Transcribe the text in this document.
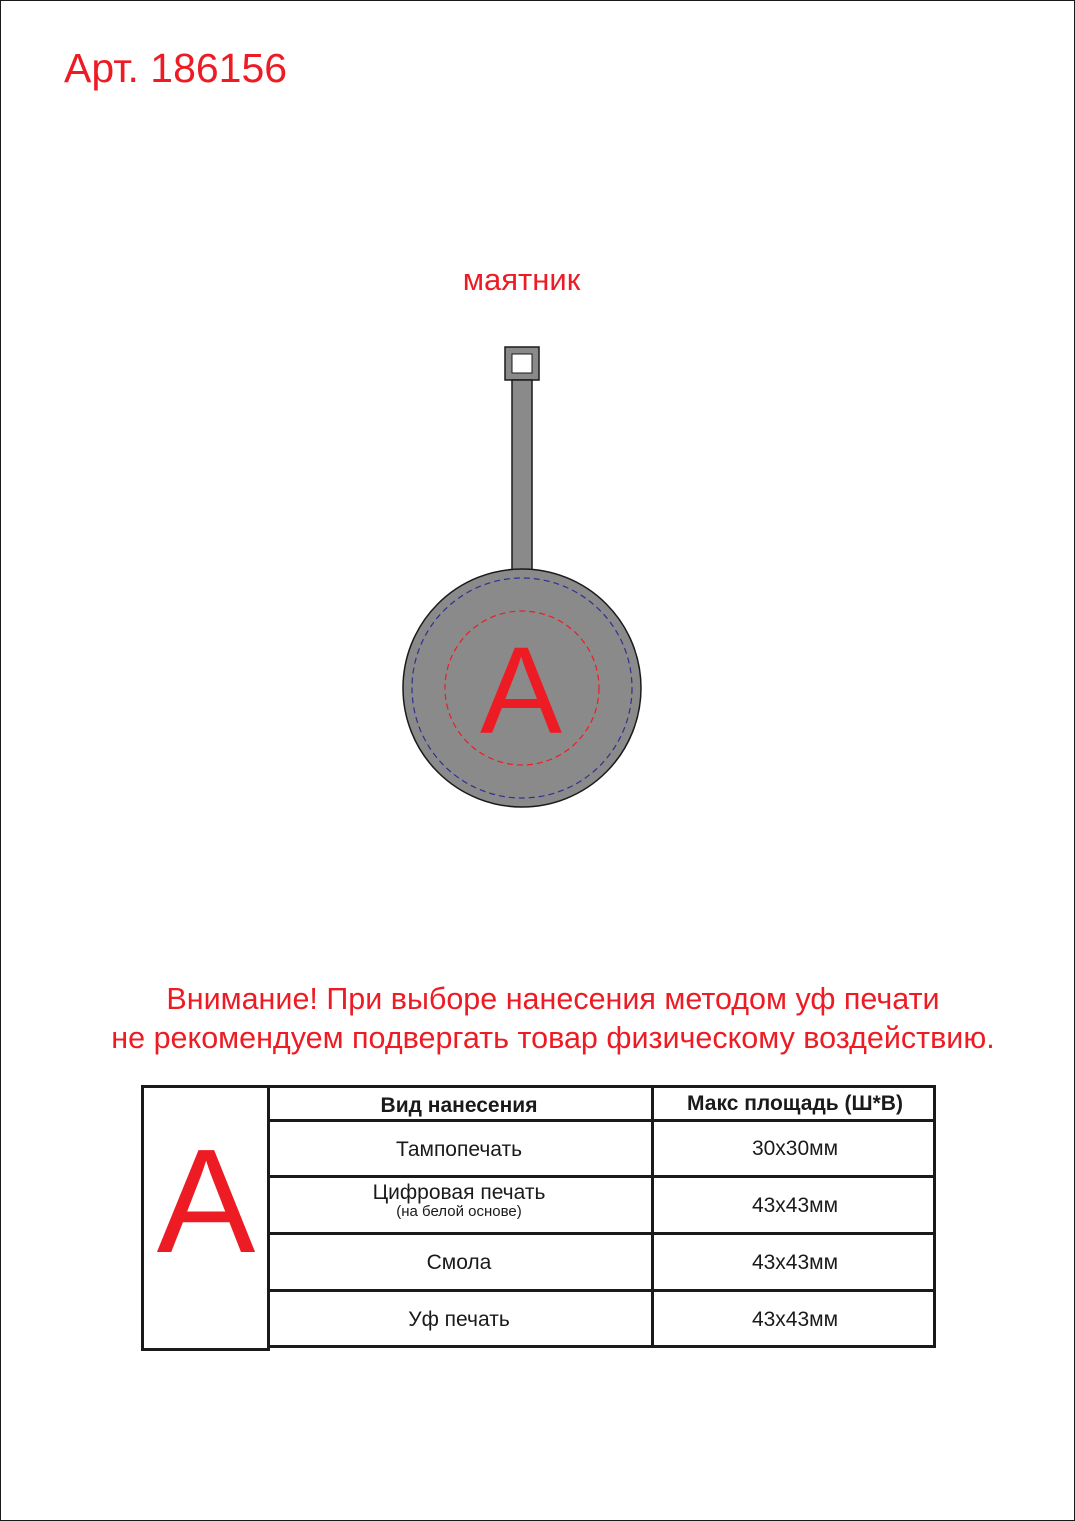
Арт. 186156
маятник
A
Внимание! При выборе нанесения методом уф печати
не рекомендуем подвергать товар физическому воздействию.
A
Вид нанесения	Макс площадь (Ш*В)
Тампопечать	30х30мм
Цифровая печать
(на белой основе)	43х43мм
Смола	43х43мм
Уф печать	43х43мм
